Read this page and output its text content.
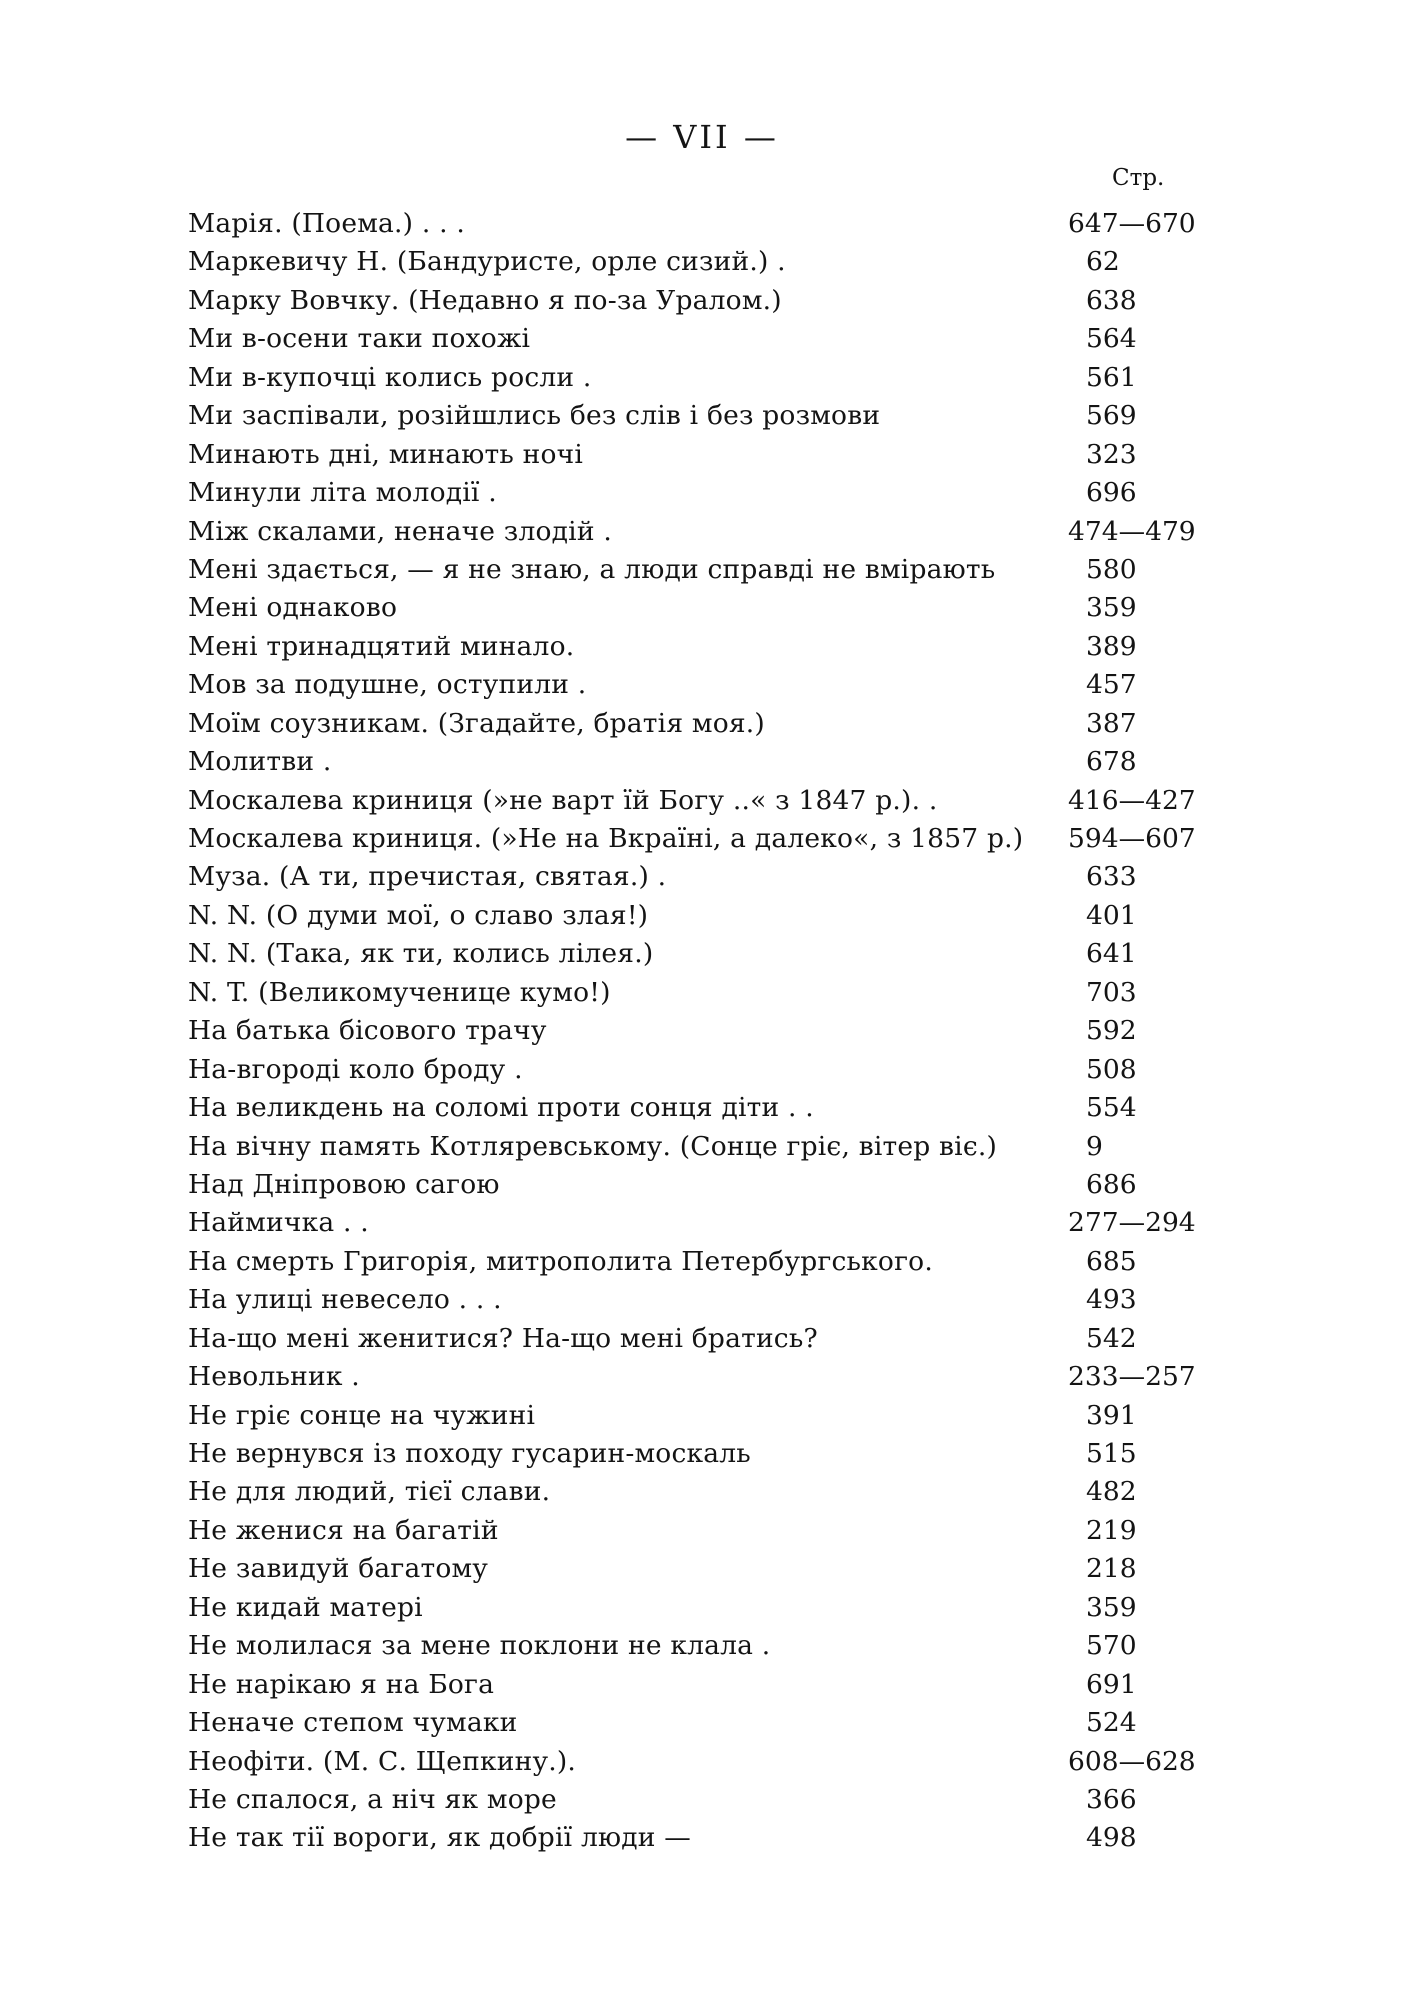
— VII —
Стр.
Марія. (Поема.) . . .	647—670
Маркевичу Н. (Бандуристе, орле сизий.) .	62
Марку Вовчку. (Недавно я по-за Уралом.)	638
Ми в-осени таки похожі	564
Ми в-купочці колись росли .	561
Ми заспівали, розійшлись без слів і без розмови	569
Минають дні, минають ночі	323
Минули літа молодії .	696
Між скалами, неначе злодій .	474—479
Мені здається, — я не знаю, а люди справді не вмірають	580
Мені однаково	359
Мені тринадцятий минало.	389
Мов за подушне, оступили .	457
Моїм соузникам. (Згадайте, братія моя.)	387
Молитви .	678
Москалева криниця (»не варт їй Богу ..« з 1847 р.). .	416—427
Москалева криниця. (»Не на Вкраїні, а далеко«, з 1857 р.) 594—607
Муза. (А ти, пречистая, святая.) .	633
N. N. (О думи мої, о славо злая!)	401
N. N. (Така, як ти, колись лілея.)	641
N. T. (Великомученице кумо!)	703
На батька бісового трачу	592
На-вгороді коло броду .	508
На великдень на соломі проти сонця діти . .	554
На вічну память Котляревському. (Сонце гріє, вітер віє.)	9
Над Дніпровою сагою	686
Наймичка . .	277—294
На смерть Григорія, митрополита Петербургського.	685
На улиці невесело . . .	493
На-що мені женитися? На-що мені братись?	542
Невольник .	233—257
Не гріє сонце на чужині	391
Не вернувся із походу гусарин-москаль	515
Не для людий, тієї слави.	482
Не женися на багатій	219
Не завидуй багатому	218
Не кидай матері	359
Не молилася за мене поклони не клала .	570
Не нарікаю я на Бога	691
Неначе степом чумаки	524
Неофіти. (М. С. Щепкину.).	608—628
Не спалося, а ніч як море	366
Не так тії вороги, як добрії люди —	498
